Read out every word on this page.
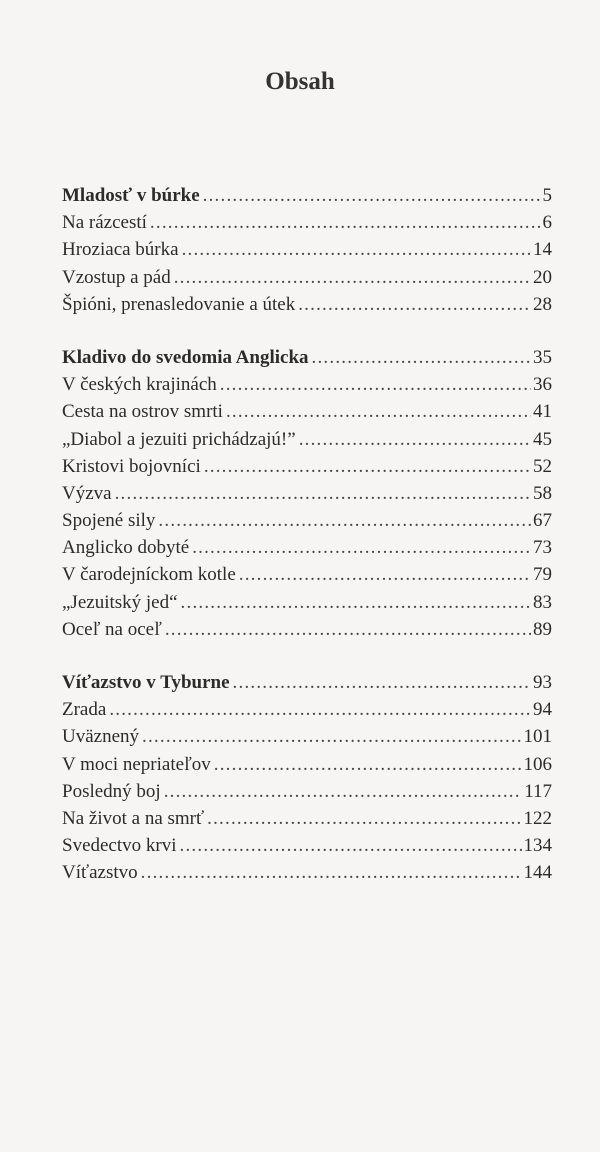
Obsah
Mladosť v búrke .....	5
Na rázcestí .....	6
Hroziaca búrka .....	14
Vzostup a pád .....	20
Špióni, prenasledovanie a útek .....	28
Kladivo do svedomia Anglicka .....	35
V českých krajinách .....	36
Cesta na ostrov smrti .....	41
„Diabol a jezuiti prichádzajú!” .....	45
Kristovi bojovníci .....	52
Výzva .....	58
Spojené sily .....	67
Anglicko dobyté .....	73
V čarodejníckom kotle .....	79
„Jezuitský jed“ .....	83
Oceľ na oceľ .....	89
Víťazstvo v Tyburne .....	93
Zrada .....	94
Uväznený .....	101
V moci nepriateľov .....	106
Posledný boj .....	117
Na život a na smrť .....	122
Svedectvo krvi .....	134
Víťazstvo .....	144
